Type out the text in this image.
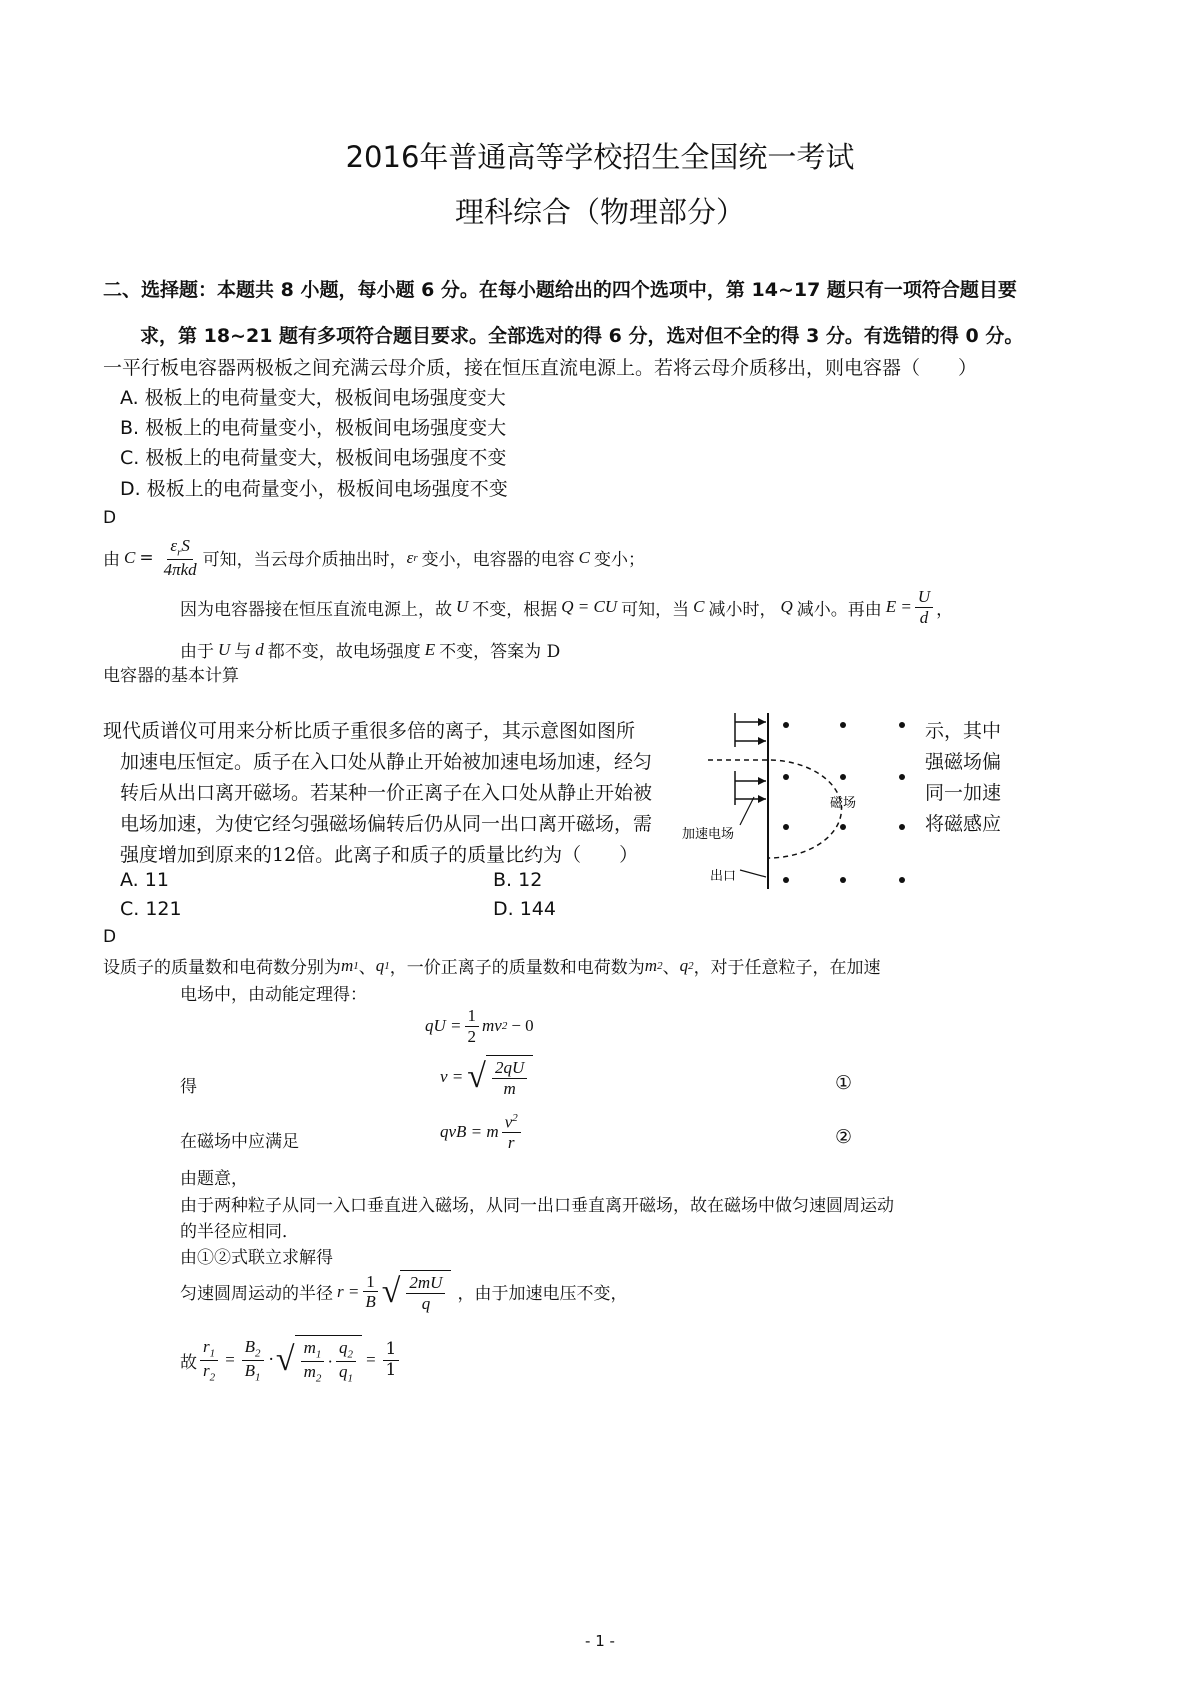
2016年普通高等学校招生全国统一考试
理科综合（物理部分）
二、选择题：本题共 8 小题，每小题 6 分。在每小题给出的四个选项中，第 14~17 题只有一项符合题目要
求，第 18~21 题有多项符合题目要求。全部选对的得 6 分，选对但不全的得 3 分。有选错的得 0 分。
一平行板电容器两极板之间充满云母介质，接在恒压直流电源上。若将云母介质移出，则电容器（　　）
A. 极板上的电荷量变大，极板间电场强度变大
B. 极板上的电荷量变小，极板间电场强度变大
C. 极板上的电荷量变大，极板间电场强度不变
D. 极板上的电荷量变小，极板间电场强度不变
D
由 $C = \frac{\varepsilon_rS}{\text{4πkd}}$ 可知，当云母介质抽出时， ε r 变小，电容器的电容 C 变小；
因为电容器接在恒压直流电源上，故 U 不变，根据 Q = CU 可知，当 C 减小时， Q 减小。再由 $E = \frac{U}{d}$ ，
由于 U 与 d 都不变，故电场强度 E 不变，答案为 D
电容器的基本计算
现代质谱仪可用来分析比质子重很多倍的离子，其示意图如图所
加速电压恒定。质子在入口处从静止开始被加速电场加速，经匀
转后从出口离开磁场。若某种一价正离子在入口处从静止开始被
电场加速，为使它经匀强磁场偏转后仍从同一出口离开磁场，需
强度增加到原来的12倍。此离子和质子的质量比约为（　　）
示，其中
强磁场偏
同一加速
将磁感应
A. 11	B. 12
C. 121	D. 144
磁场
加速电场
出口
D
设质子的质量数和电荷数分别为 m 1 、 q 1 ，一价正离子的质量数和电荷数为 m 2 、 q 2 ，对于任意粒子，在加速
电场中，由动能定理得：
qU = $\frac{1}{2}$ mv 2 − 0
得
v = √ $\frac{2qU}{m}$	①
在磁场中应满足
qvB = m $\frac{v^2}{r}$	②
由题意，
由于两种粒子从同一入口垂直进入磁场，从同一出口垂直离开磁场，故在磁场中做匀速圆周运动
的半径应相同．
由①②式联立求解得
匀速圆周运动的半径 $r = \frac{1}{B}$ √ $\frac{2mU}{q}$ ，由于加速电压不变，
故 $\frac{r_1}{r_2} = \frac{B_2}{B_1}$ · √ $\frac{m_1}{m_2} \cdot \frac{q_2}{q_1} = \frac{1}{1}$
- 1 -
